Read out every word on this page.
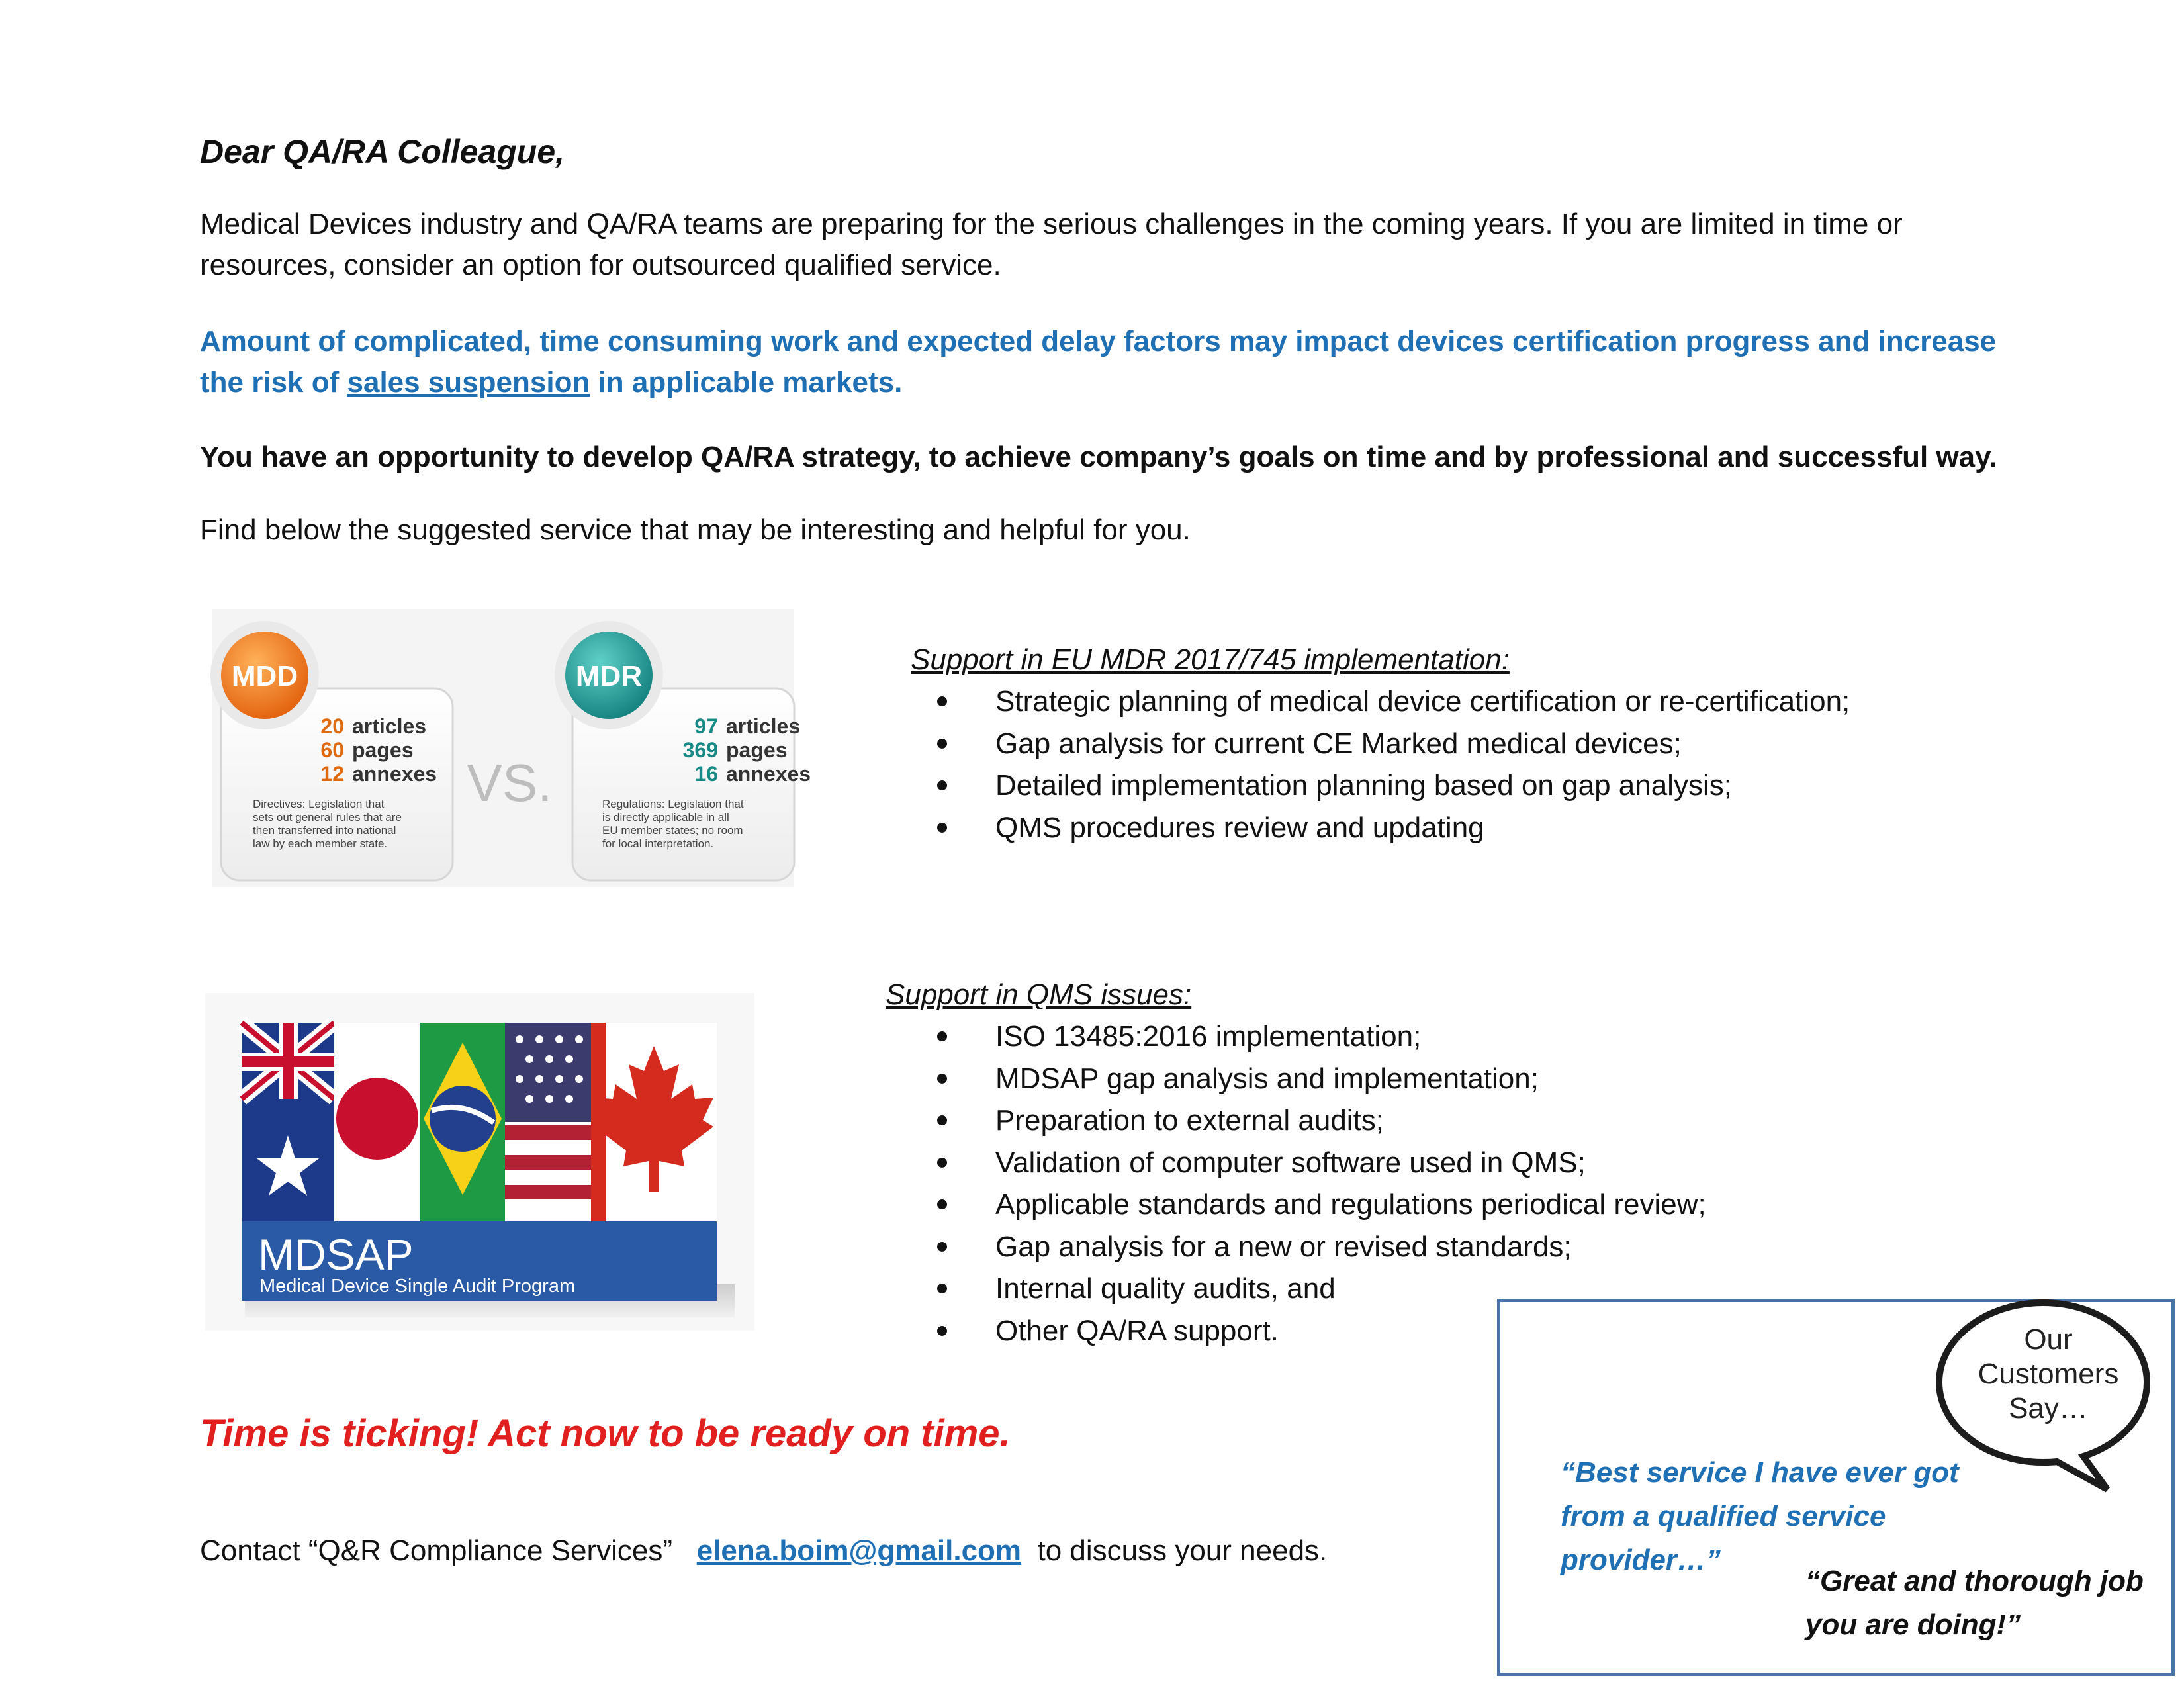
Dear QA/RA Colleague,
Medical Devices industry and QA/RA teams are preparing for the serious challenges in the coming years. If you are limited in time or resources, consider an option for outsourced qualified service.
Amount of complicated, time consuming work and expected delay factors may impact devices certification progress and increase the risk of sales suspension in applicable markets.
You have an opportunity to develop QA/RA strategy, to achieve company’s goals on time and by professional and successful way.
Find below the suggested service that may be interesting and helpful for you.
MDD	MDR
VS.
20 articles
60 pages
12 annexes
97 articles
369 pages
16 annexes
Directives: Legislation that
sets out general rules that are
then transferred into national
law by each member state.
Regulations: Legislation that
is directly applicable in all
EU member states; no room
for local interpretation.
Support in EU MDR 2017/745 implementation:
Strategic planning of medical device certification or re-certification;
Gap analysis for current CE Marked medical devices;
Detailed implementation planning based on gap analysis;
QMS procedures review and updating
MDSAP
Medical Device Single Audit Program
Support in QMS issues:
ISO 13485:2016 implementation;
MDSAP gap analysis and implementation;
Preparation to external audits;
Validation of computer software used in QMS;
Applicable standards and regulations periodical review;
Gap analysis for a new or revised standards;
Internal quality audits, and
Other QA/RA support.
Time is ticking! Act now to be ready on time.
Contact “Q&R Compliance Services”   elena.boim@gmail.com  to discuss your needs.
Our
Customers
Say…
“Best service I have ever got from a qualified service provider…”
“Great and thorough job you are doing!”
